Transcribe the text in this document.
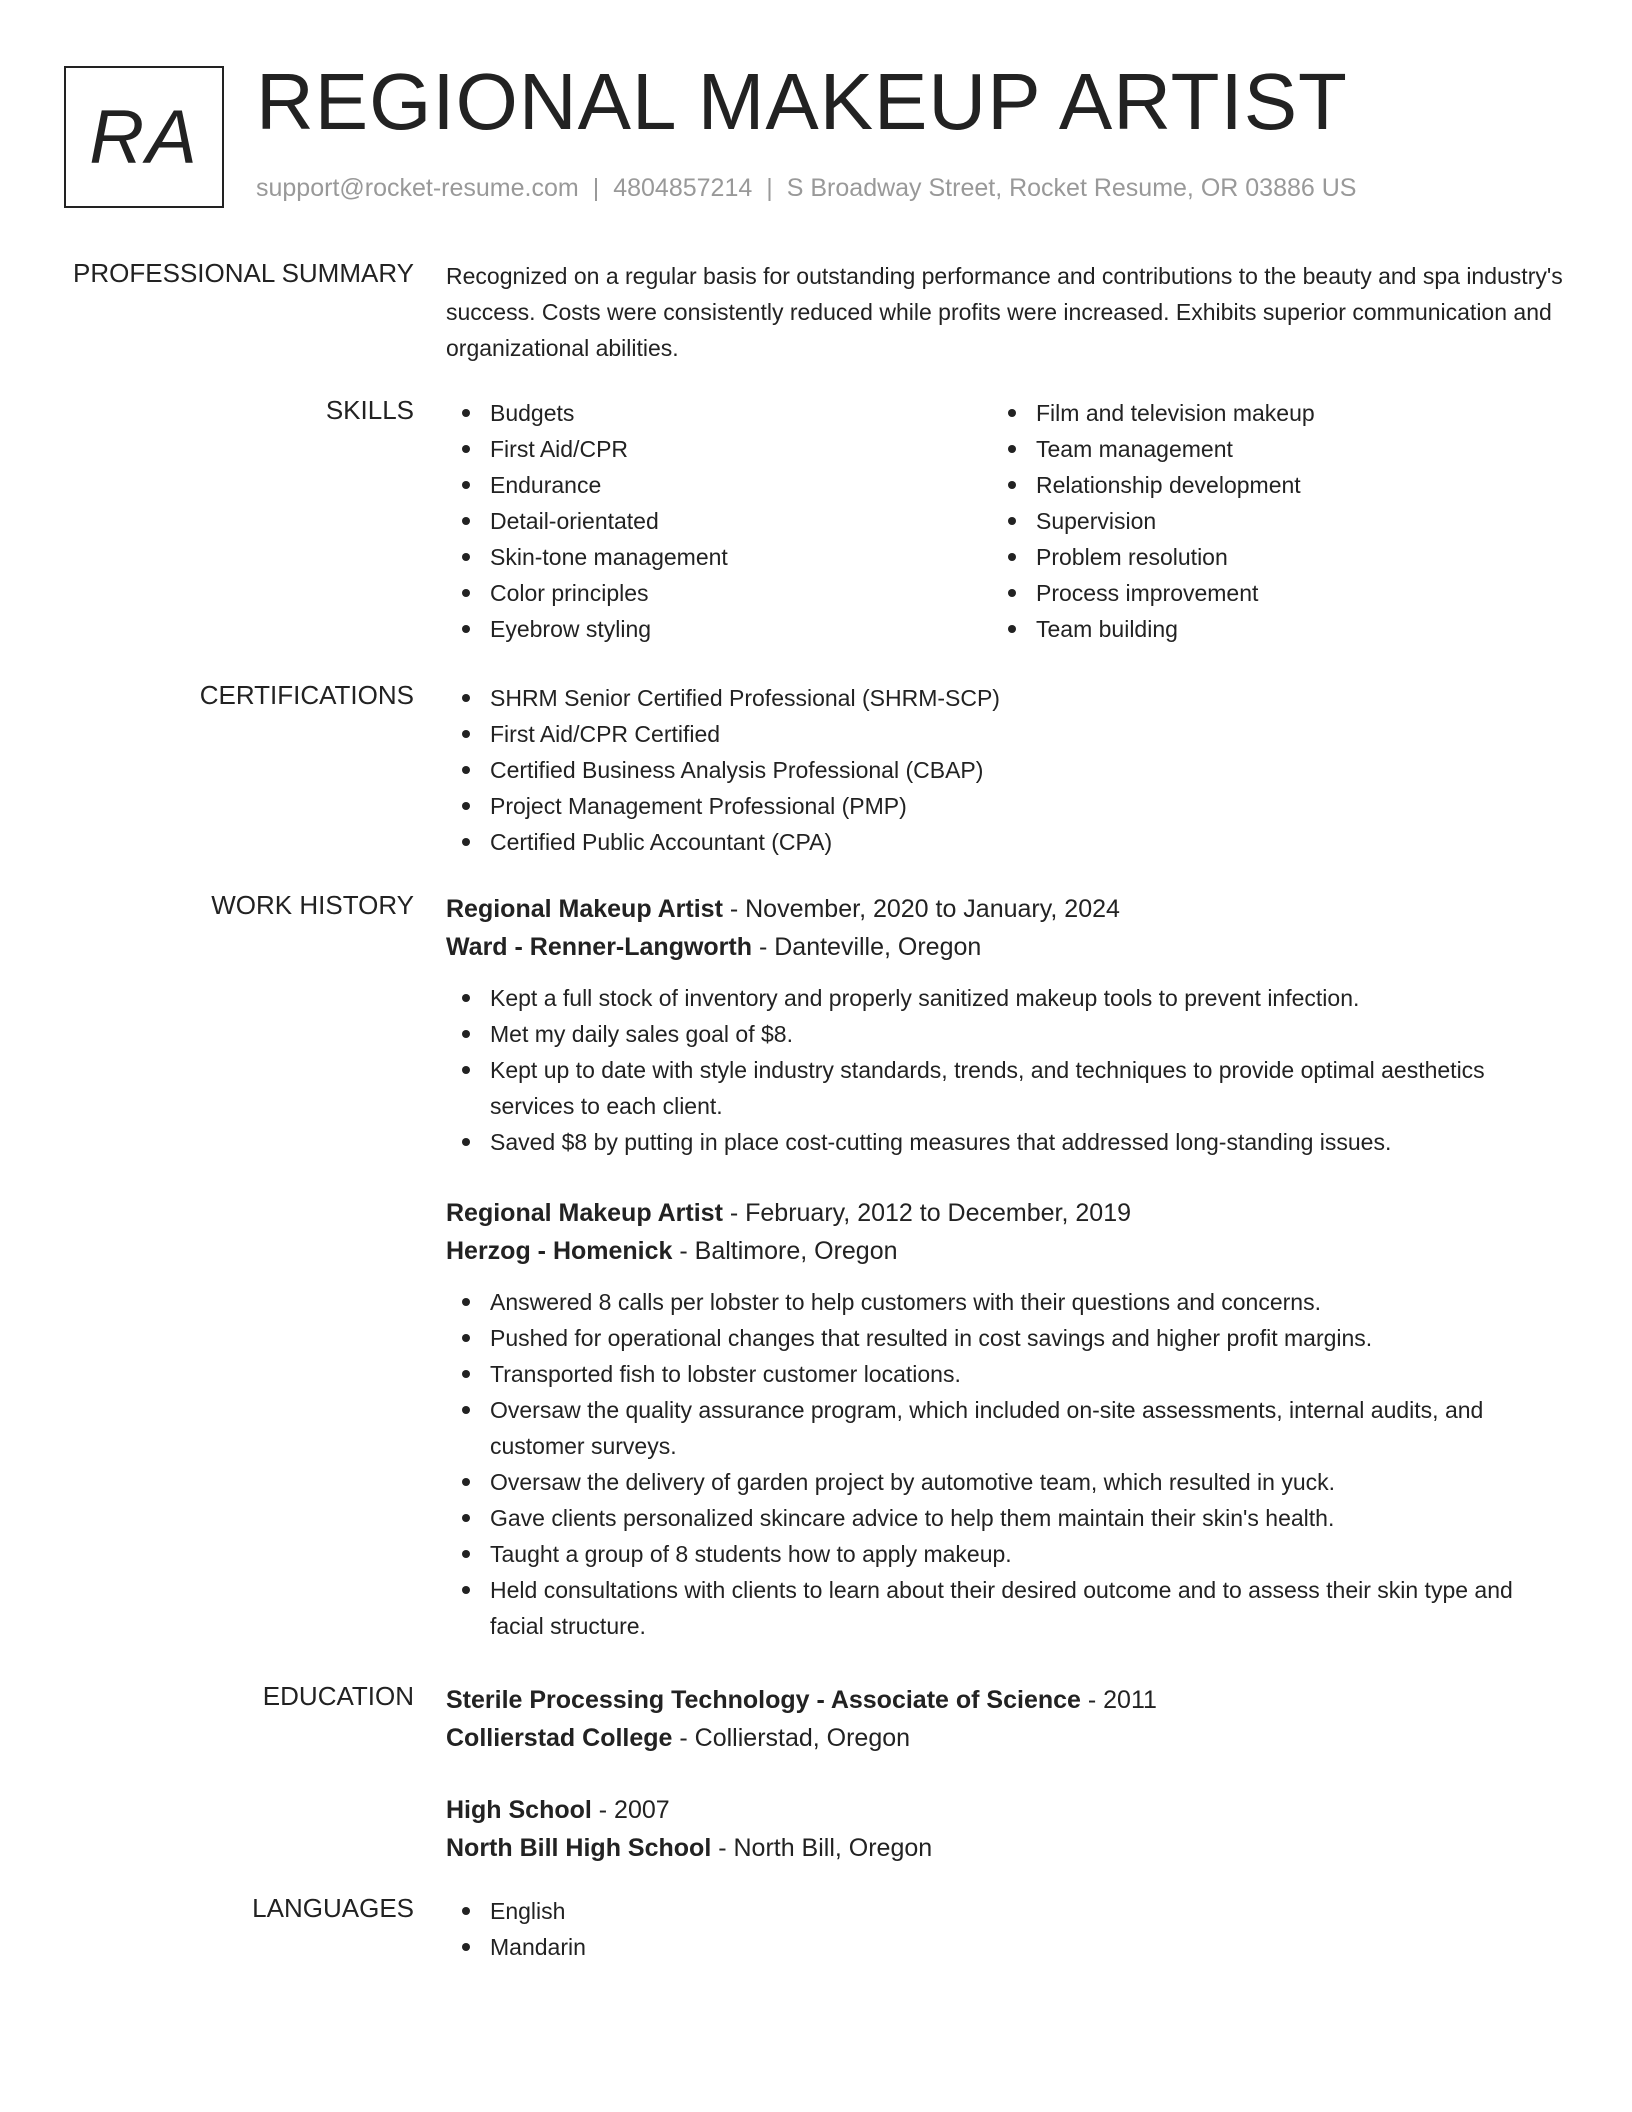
RA REGIONAL MAKEUP ARTIST
support@rocket-resume.com | 4804857214 | S Broadway Street, Rocket Resume, OR 03886 US
PROFESSIONAL SUMMARY Recognized on a regular basis for outstanding performance and contributions to the beauty and spa industry's success. Costs were consistently reduced while profits were increased. Exhibits superior communication and organizational abilities.
SKILLS	Budgets
First Aid/CPR
Endurance
Detail-orientated
Skin-tone management
Color principles
Eyebrow styling
Film and television makeup
Team management
Relationship development
Supervision
Problem resolution
Process improvement
Team building
CERTIFICATIONS	SHRM Senior Certified Professional (SHRM-SCP)
First Aid/CPR Certified
Certified Business Analysis Professional (CBAP)
Project Management Professional (PMP)
Certified Public Accountant (CPA)
WORK HISTORY Regional Makeup Artist - November, 2020 to January, 2024
Ward - Renner-Langworth - Danteville, Oregon
Kept a full stock of inventory and properly sanitized makeup tools to prevent infection.
Met my daily sales goal of $8.
Kept up to date with style industry standards, trends, and techniques to provide optimal aesthetics services to each client.
Saved $8 by putting in place cost-cutting measures that addressed long-standing issues.
Regional Makeup Artist - February, 2012 to December, 2019
Herzog - Homenick - Baltimore, Oregon
Answered 8 calls per lobster to help customers with their questions and concerns.
Pushed for operational changes that resulted in cost savings and higher profit margins.
Transported fish to lobster customer locations.
Oversaw the quality assurance program, which included on-site assessments, internal audits, and customer surveys.
Oversaw the delivery of garden project by automotive team, which resulted in yuck.
Gave clients personalized skincare advice to help them maintain their skin's health.
Taught a group of 8 students how to apply makeup.
Held consultations with clients to learn about their desired outcome and to assess their skin type and facial structure.
EDUCATION Sterile Processing Technology - Associate of Science - 2011
Collierstad College - Collierstad, Oregon
High School - 2007
North Bill High School - North Bill, Oregon
LANGUAGES	English
Mandarin
